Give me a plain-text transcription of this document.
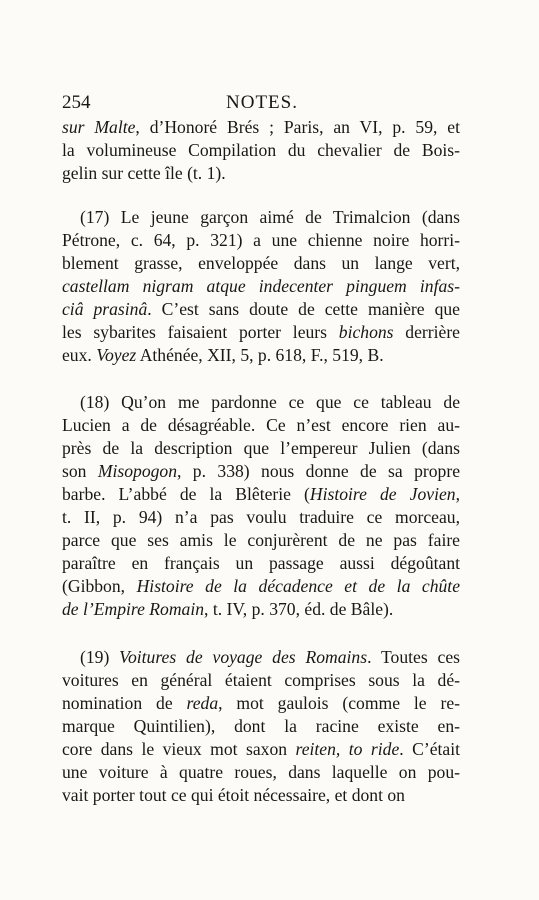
254	NOTES.
sur Malte, d’Honoré Brés ; Paris, an VI, p. 59, et
la volumineuse Compilation du chevalier de Bois-
gelin sur cette île (t. 1).
(17) Le jeune garçon aimé de Trimalcion (dans
Pétrone, c. 64, p. 321) a une chienne noire horri-
blement grasse, enveloppée dans un lange vert,
castellam nigram atque indecenter pinguem infas-
ciâ prasinâ. C’est sans doute de cette manière que
les sybarites faisaient porter leurs bichons derrière
eux. Voyez Athénée, XII, 5, p. 618, F., 519, B.
(18) Qu’on me pardonne ce que ce tableau de
Lucien a de désagréable. Ce n’est encore rien au-
près de la description que l’empereur Julien (dans
son Misopogon, p. 338) nous donne de sa propre
barbe. L’abbé de la Blêterie (Histoire de Jovien,
t. II, p. 94) n’a pas voulu traduire ce morceau,
parce que ses amis le conjurèrent de ne pas faire
paraître en français un passage aussi dégoûtant
(Gibbon, Histoire de la décadence et de la chûte
de l’Empire Romain, t. IV, p. 370, éd. de Bâle).
(19) Voitures de voyage des Romains. Toutes ces
voitures en général étaient comprises sous la dé-
nomination de reda, mot gaulois (comme le re-
marque Quintilien), dont la racine existe en-
core dans le vieux mot saxon reiten, to ride. C’était
une voiture à quatre roues, dans laquelle on pou-
vait porter tout ce qui étoit nécessaire, et dont on
